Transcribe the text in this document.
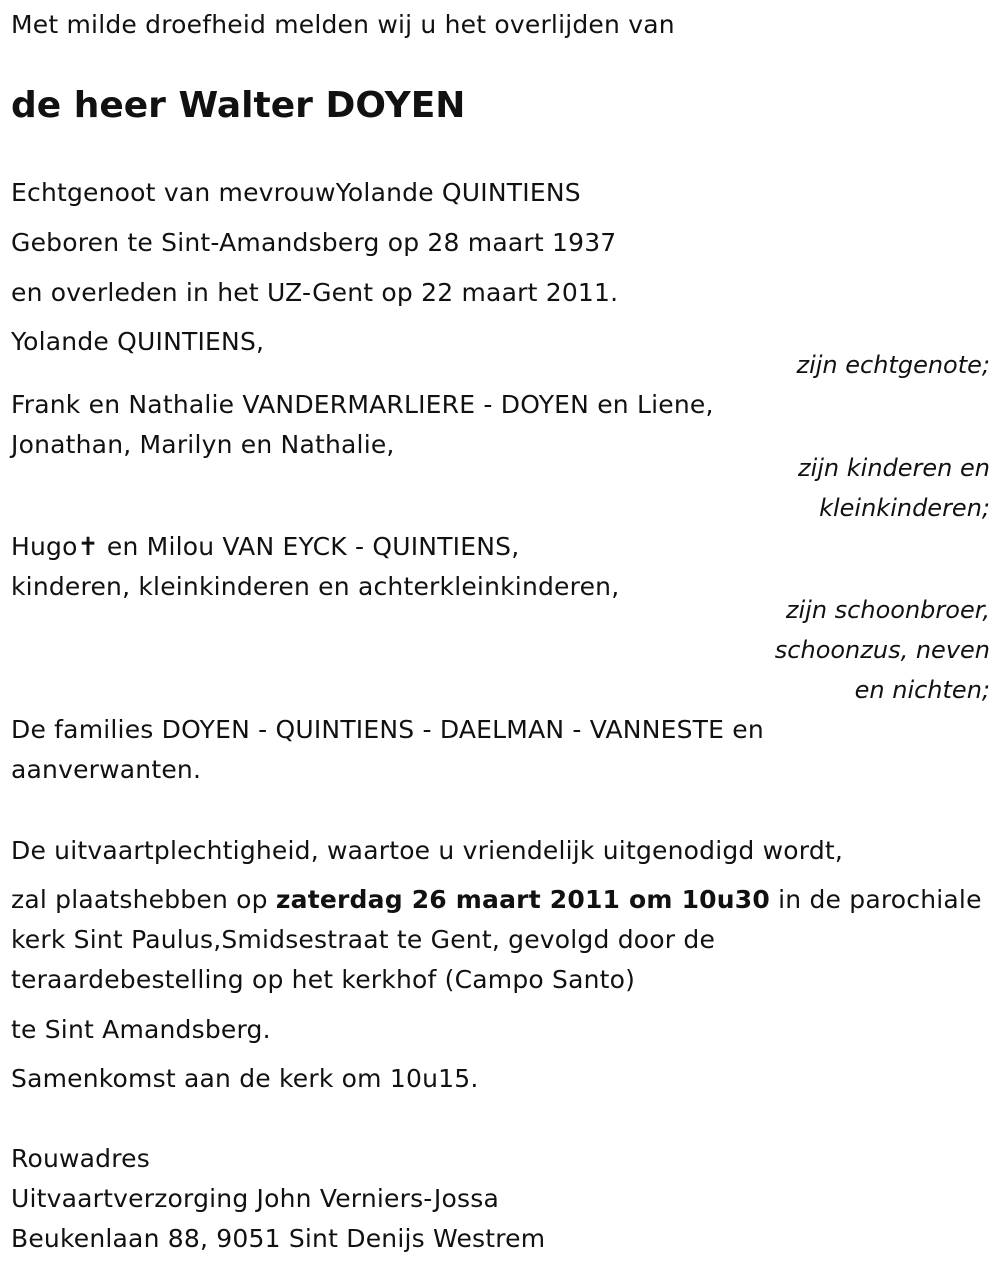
Met milde droefheid melden wij u het overlijden van
de heer Walter DOYEN
Echtgenoot van mevrouwYolande QUINTIENS
Geboren te Sint-Amandsberg op 28 maart 1937
en overleden in het UZ-Gent op 22 maart 2011.
Yolande QUINTIENS,
zijn echtgenote;
Frank en Nathalie VANDERMARLIERE - DOYEN en Liene,
Jonathan, Marilyn en Nathalie,
zijn kinderen en
kleinkinderen;
Hugo✝ en Milou VAN EYCK - QUINTIENS,
kinderen, kleinkinderen en achterkleinkinderen,
zijn schoonbroer,
schoonzus, neven
en nichten;
De families DOYEN - QUINTIENS - DAELMAN - VANNESTE en
aanverwanten.
De uitvaartplechtigheid, waartoe u vriendelijk uitgenodigd wordt,
zal plaatshebben op zaterdag 26 maart 2011 om 10u30 in de parochiale
kerk Sint Paulus,Smidsestraat te Gent, gevolgd door de
teraardebestelling op het kerkhof (Campo Santo)
te Sint Amandsberg.
Samenkomst aan de kerk om 10u15.
Rouwadres
Uitvaartverzorging John Verniers-Jossa
Beukenlaan 88, 9051 Sint Denijs Westrem
